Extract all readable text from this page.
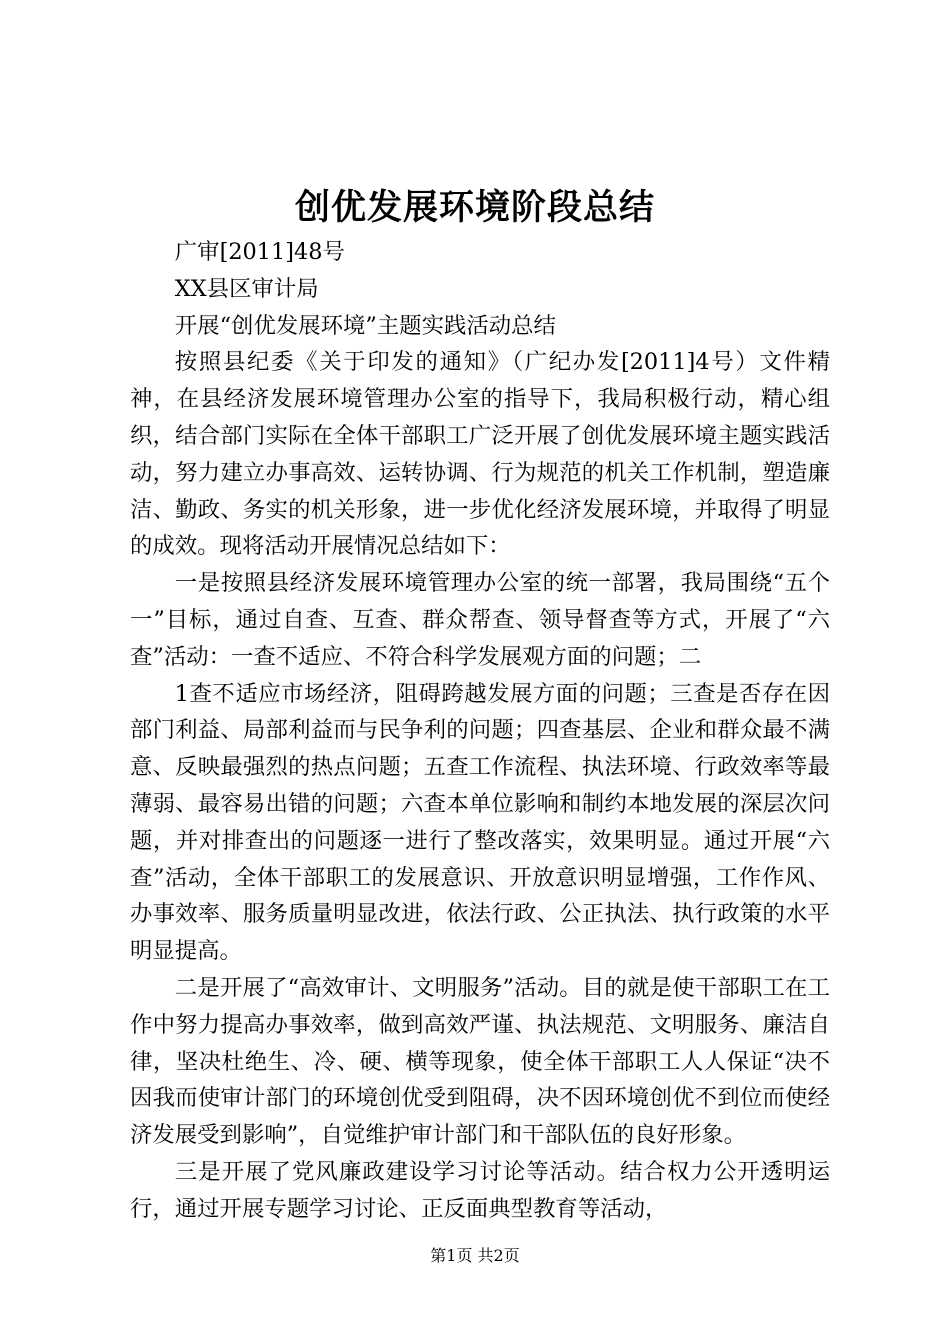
创优发展环境阶段总结

广审[2011]48号

XX县区审计局

开展“创优发展环境”主题实践活动总结

按照县纪委《关于印发的通知》（广纪办发[2011]4号）文件精神，在县经济发展环境管理办公室的指导下，我局积极行动，精心组织，结合部门实际在全体干部职工广泛开展了创优发展环境主题实践活动，努力建立办事高效、运转协调、行为规范的机关工作机制，塑造廉洁、勤政、务实的机关形象，进一步优化经济发展环境，并取得了明显的成效。现将活动开展情况总结如下：

一是按照县经济发展环境管理办公室的统一部署，我局围绕“五个一”目标，通过自查、互查、群众帮查、领导督查等方式，开展了“六查”活动：一查不适应、不符合科学发展观方面的问题；二

1查不适应市场经济，阻碍跨越发展方面的问题；三查是否存在因部门利益、局部利益而与民争利的问题；四查基层、企业和群众最不满意、反映最强烈的热点问题；五查工作流程、执法环境、行政效率等最薄弱、最容易出错的问题；六查本单位影响和制约本地发展的深层次问题，并对排查出的问题逐一进行了整改落实，效果明显。通过开展“六查”活动，全体干部职工的发展意识、开放意识明显增强，工作作风、办事效率、服务质量明显改进，依法行政、公正执法、执行政策的水平明显提高。

二是开展了“高效审计、文明服务”活动。目的就是使干部职工在工作中努力提高办事效率，做到高效严谨、执法规范、文明服务、廉洁自律，坚决杜绝生、冷、硬、横等现象，使全体干部职工人人保证“决不因我而使审计部门的环境创优受到阻碍，决不因环境创优不到位而使经济发展受到影响”，自觉维护审计部门和干部队伍的良好形象。

三是开展了党风廉政建设学习讨论等活动。结合权力公开透明运行，通过开展专题学习讨论、正反面典型教育等活动，

第1页 共2页
